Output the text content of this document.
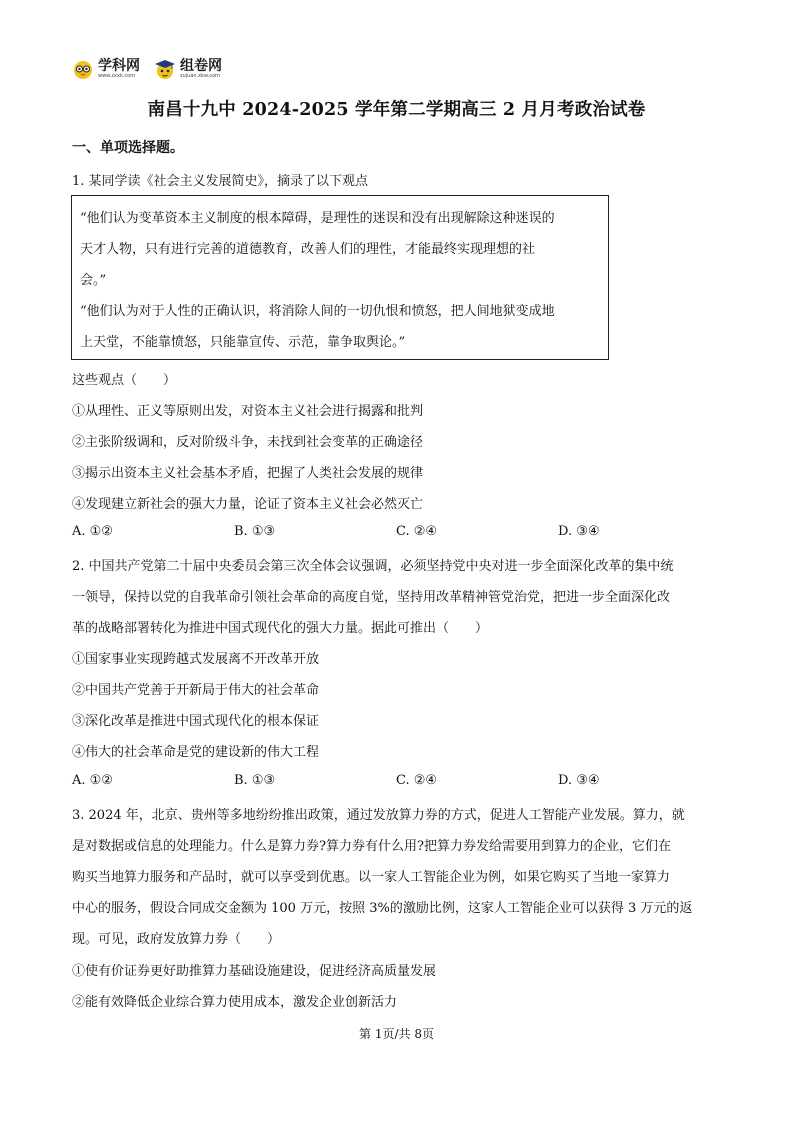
学科网
www.zxxk.com
组卷网
zujuan.xkw.com
南昌十九中 2024-2025 学年第二学期高三 2 月月考政治试卷
一、单项选择题。
1. 某同学读《社会主义发展简史》，摘录了以下观点
“他们认为变革资本主义制度的根本障碍，是理性的迷误和没有出现解除这种迷误的
天才人物，只有进行完善的道德教育，改善人们的理性，才能最终实现理想的社
会。”
“他们认为对于人性的正确认识，将消除人间的一切仇恨和愤怒，把人间地狱变成地
上天堂，不能靠愤怒，只能靠宣传、示范，靠争取舆论。”
这些观点（　　）
①从理性、正义等原则出发，对资本主义社会进行揭露和批判
②主张阶级调和，反对阶级斗争，未找到社会变革的正确途径
③揭示出资本主义社会基本矛盾，把握了人类社会发展的规律
④发现建立新社会的强大力量，论证了资本主义社会必然灭亡
A. ①②	B. ①③	C. ②④	D. ③④
2. 中国共产党第二十届中央委员会第三次全体会议强调，必须坚持党中央对进一步全面深化改革的集中统
一领导，保持以党的自我革命引领社会革命的高度自觉，坚持用改革精神管党治党，把进一步全面深化改
革的战略部署转化为推进中国式现代化的强大力量。据此可推出（　　）
①国家事业实现跨越式发展离不开改革开放
②中国共产党善于开新局于伟大的社会革命
③深化改革是推进中国式现代化的根本保证
④伟大的社会革命是党的建设新的伟大工程
A. ①②	B. ①③	C. ②④	D. ③④
3. 2024 年，北京、贵州等多地纷纷推出政策，通过发放算力券的方式，促进人工智能产业发展。算力，就
是对数据或信息的处理能力。什么是算力券?算力券有什么用?把算力券发给需要用到算力的企业，它们在
购买当地算力服务和产品时，就可以享受到优惠。以一家人工智能企业为例，如果它购买了当地一家算力
中心的服务，假设合同成交金额为 100 万元，按照 3%的激励比例，这家人工智能企业可以获得 3 万元的返
现。可见，政府发放算力券（　　）
①使有价证券更好助推算力基础设施建设，促进经济高质量发展
②能有效降低企业综合算力使用成本，激发企业创新活力
第 1页/共 8页
